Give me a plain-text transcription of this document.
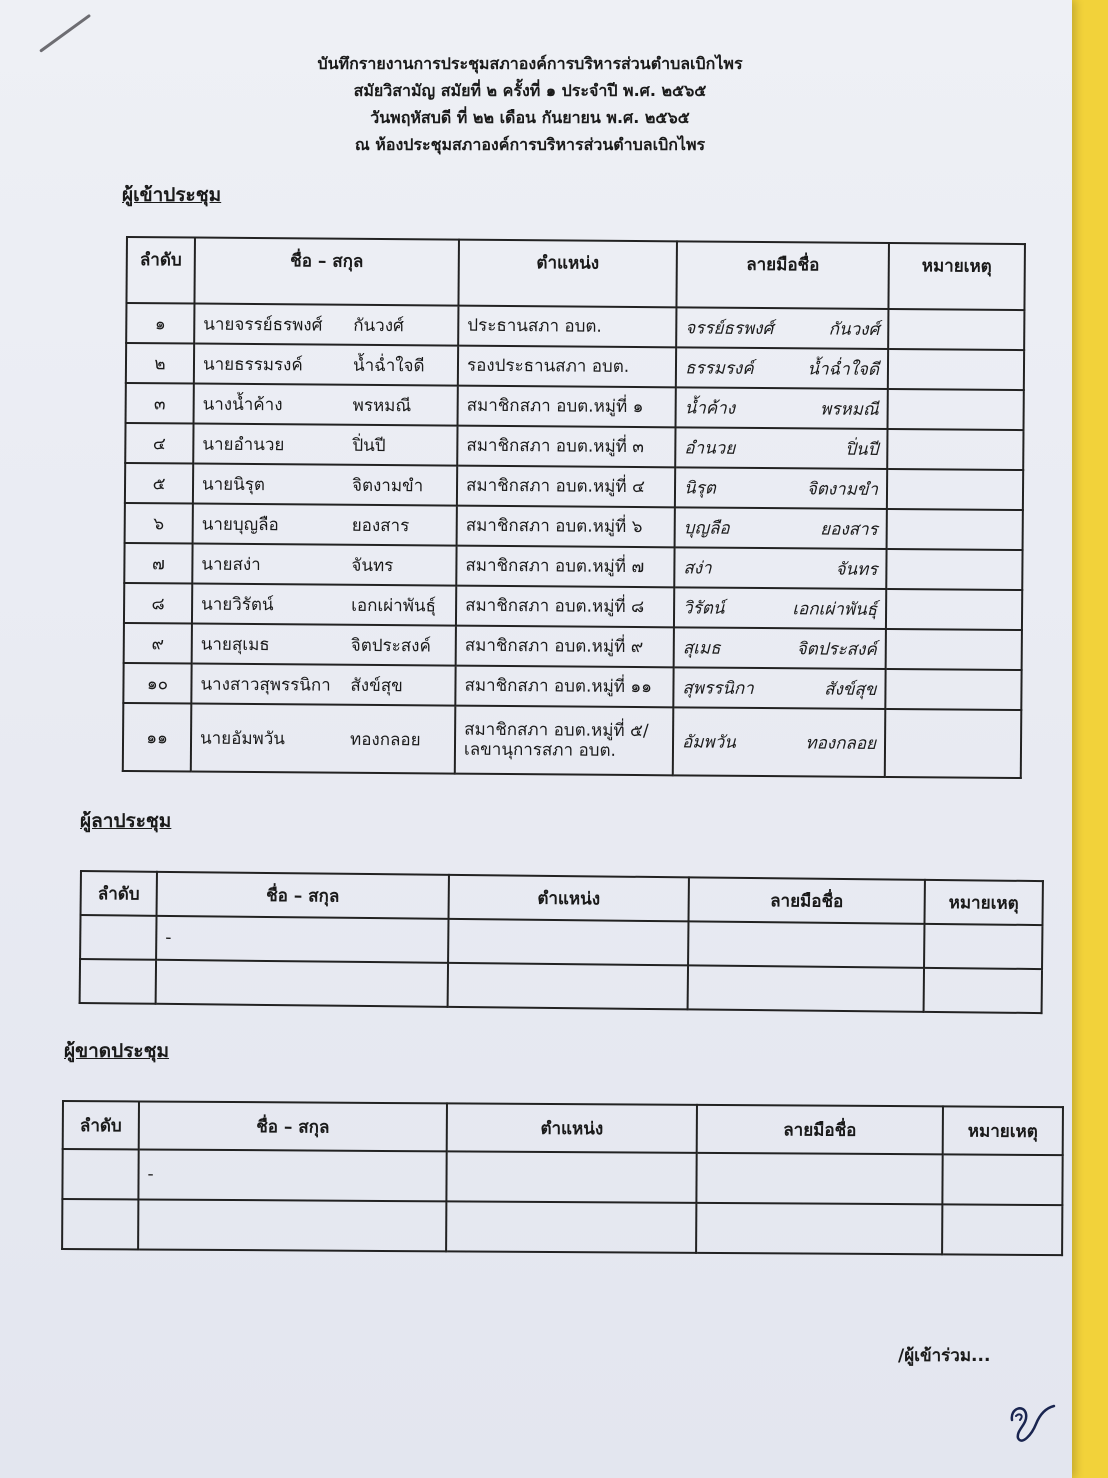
บันทึกรายงานการประชุมสภาองค์การบริหารส่วนตำบลเบิกไพร
สมัยวิสามัญ สมัยที่ ๒ ครั้งที่ ๑ ประจำปี พ.ศ. ๒๕๖๕
วันพฤหัสบดี ที่ ๒๒ เดือน กันยายน พ.ศ. ๒๕๖๕
ณ ห้องประชุมสภาองค์การบริหารส่วนตำบลเบิกไพร
ผู้เข้าประชุม
ลำดับ	ชื่อ – สกุล	ตำแหน่ง	ลายมือชื่อ	หมายเหตุ
๑	นายจรรย์ธรพงศ์ กันวงศ์	ประธานสภา อบต.	จรรย์ธรพงศ์ กันวงศ์	

๒	นายธรรมรงค์ น้ำฉ่ำใจดี	รองประธานสภา อบต.	ธรรมรงค์ น้ำฉ่ำใจดี	

๓	นางน้ำค้าง พรหมณี	สมาชิกสภา อบต.หมู่ที่ ๑	น้ำค้าง พรหมณี	

๔	นายอำนวย ปิ่นปี	สมาชิกสภา อบต.หมู่ที่ ๓	อำนวย ปิ่นปี	

๕	นายนิรุต จิตงามขำ	สมาชิกสภา อบต.หมู่ที่ ๔	นิรุต จิตงามขำ	

๖	นายบุญลือ ยองสาร	สมาชิกสภา อบต.หมู่ที่ ๖	บุญลือ ยองสาร	

๗	นายสง่า จันทร	สมาชิกสภา อบต.หมู่ที่ ๗	สง่า จันทร	

๘	นายวิรัตน์ เอกเผ่าพันธุ์	สมาชิกสภา อบต.หมู่ที่ ๘	วิรัตน์ เอกเผ่าพันธุ์	

๙	นายสุเมธ จิตประสงค์	สมาชิกสภา อบต.หมู่ที่ ๙	สุเมธ จิตประสงค์	

๑๐	นางสาวสุพรรนิกา สังข์สุข	สมาชิกสภา อบต.หมู่ที่ ๑๑	สุพรรนิกา สังข์สุข	

๑๑	นายอัมพวัน ทองกลอย	สมาชิกสภา อบต.หมู่ที่ ๕/
เลขานุการสภา อบต.	อัมพวัน ทองกลอย	

ผู้ลาประชุม
ลำดับ	ชื่อ – สกุล	ตำแหน่ง	ลายมือชื่อ	หมายเหตุ
	-			

ผู้ขาดประชุม
ลำดับ	ชื่อ – สกุล	ตำแหน่ง	ลายมือชื่อ	หมายเหตุ
	-			

/ผู้เข้าร่วม...
